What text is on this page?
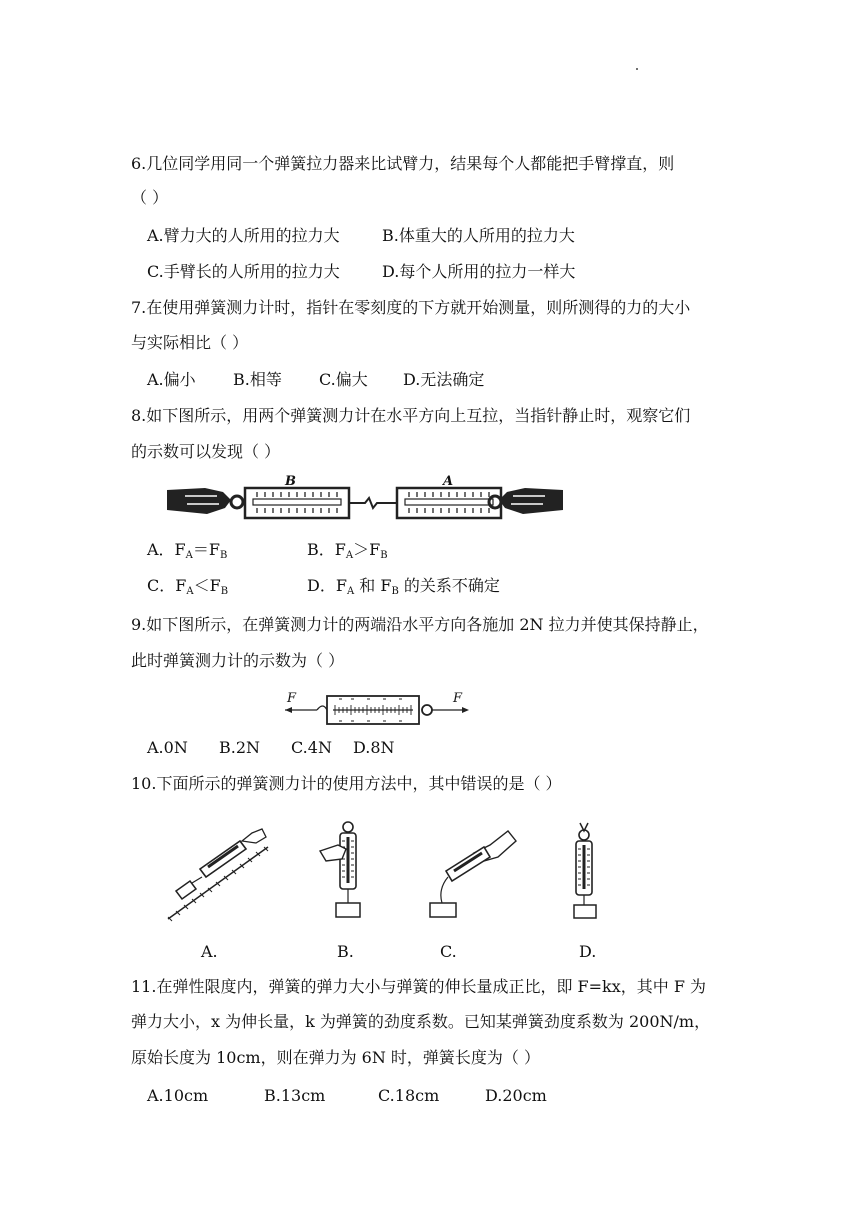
6.几位同学用同一个弹簧拉力器来比试臂力，结果每个人都能把手臂撑直，则
（ ）
A.臂力大的人所用的拉力大	B.体重大的人所用的拉力大
C.手臂长的人所用的拉力大	D.每个人所用的拉力一样大
7.在使用弹簧测力计时，指针在零刻度的下方就开始测量，则所测得的力的大小
与实际相比（ ）
A.偏小 B.相等 C.偏大 D.无法确定
8.如下图所示，用两个弹簧测力计在水平方向上互拉，当指针静止时，观察它们
的示数可以发现（ ）
B	A
A．$F_A=F_B$	B．$F_A>F_B$
C．$F_A<F_B$	D．$F_A$ 和 $F_B$ 的关系不确定
9.如下图所示，在弹簧测力计的两端沿水平方向各施加 2N 拉力并使其保持静止，
此时弹簧测力计的示数为（ ）
F	F
A.0N B.2N C.4N D.8N
10.下面所示的弹簧测力计的使用方法中，其中错误的是（ ）
A.	B.	C.	D.
11.在弹性限度内，弹簧的弹力大小与弹簧的伸长量成正比，即 F=kx，其中 F 为
弹力大小，x 为伸长量，k 为弹簧的劲度系数。已知某弹簧劲度系数为 200N/m，
原始长度为 10cm，则在弹力为 6N 时，弹簧长度为（ ）
A.10cm	B.13cm	C.18cm	D.20cm
